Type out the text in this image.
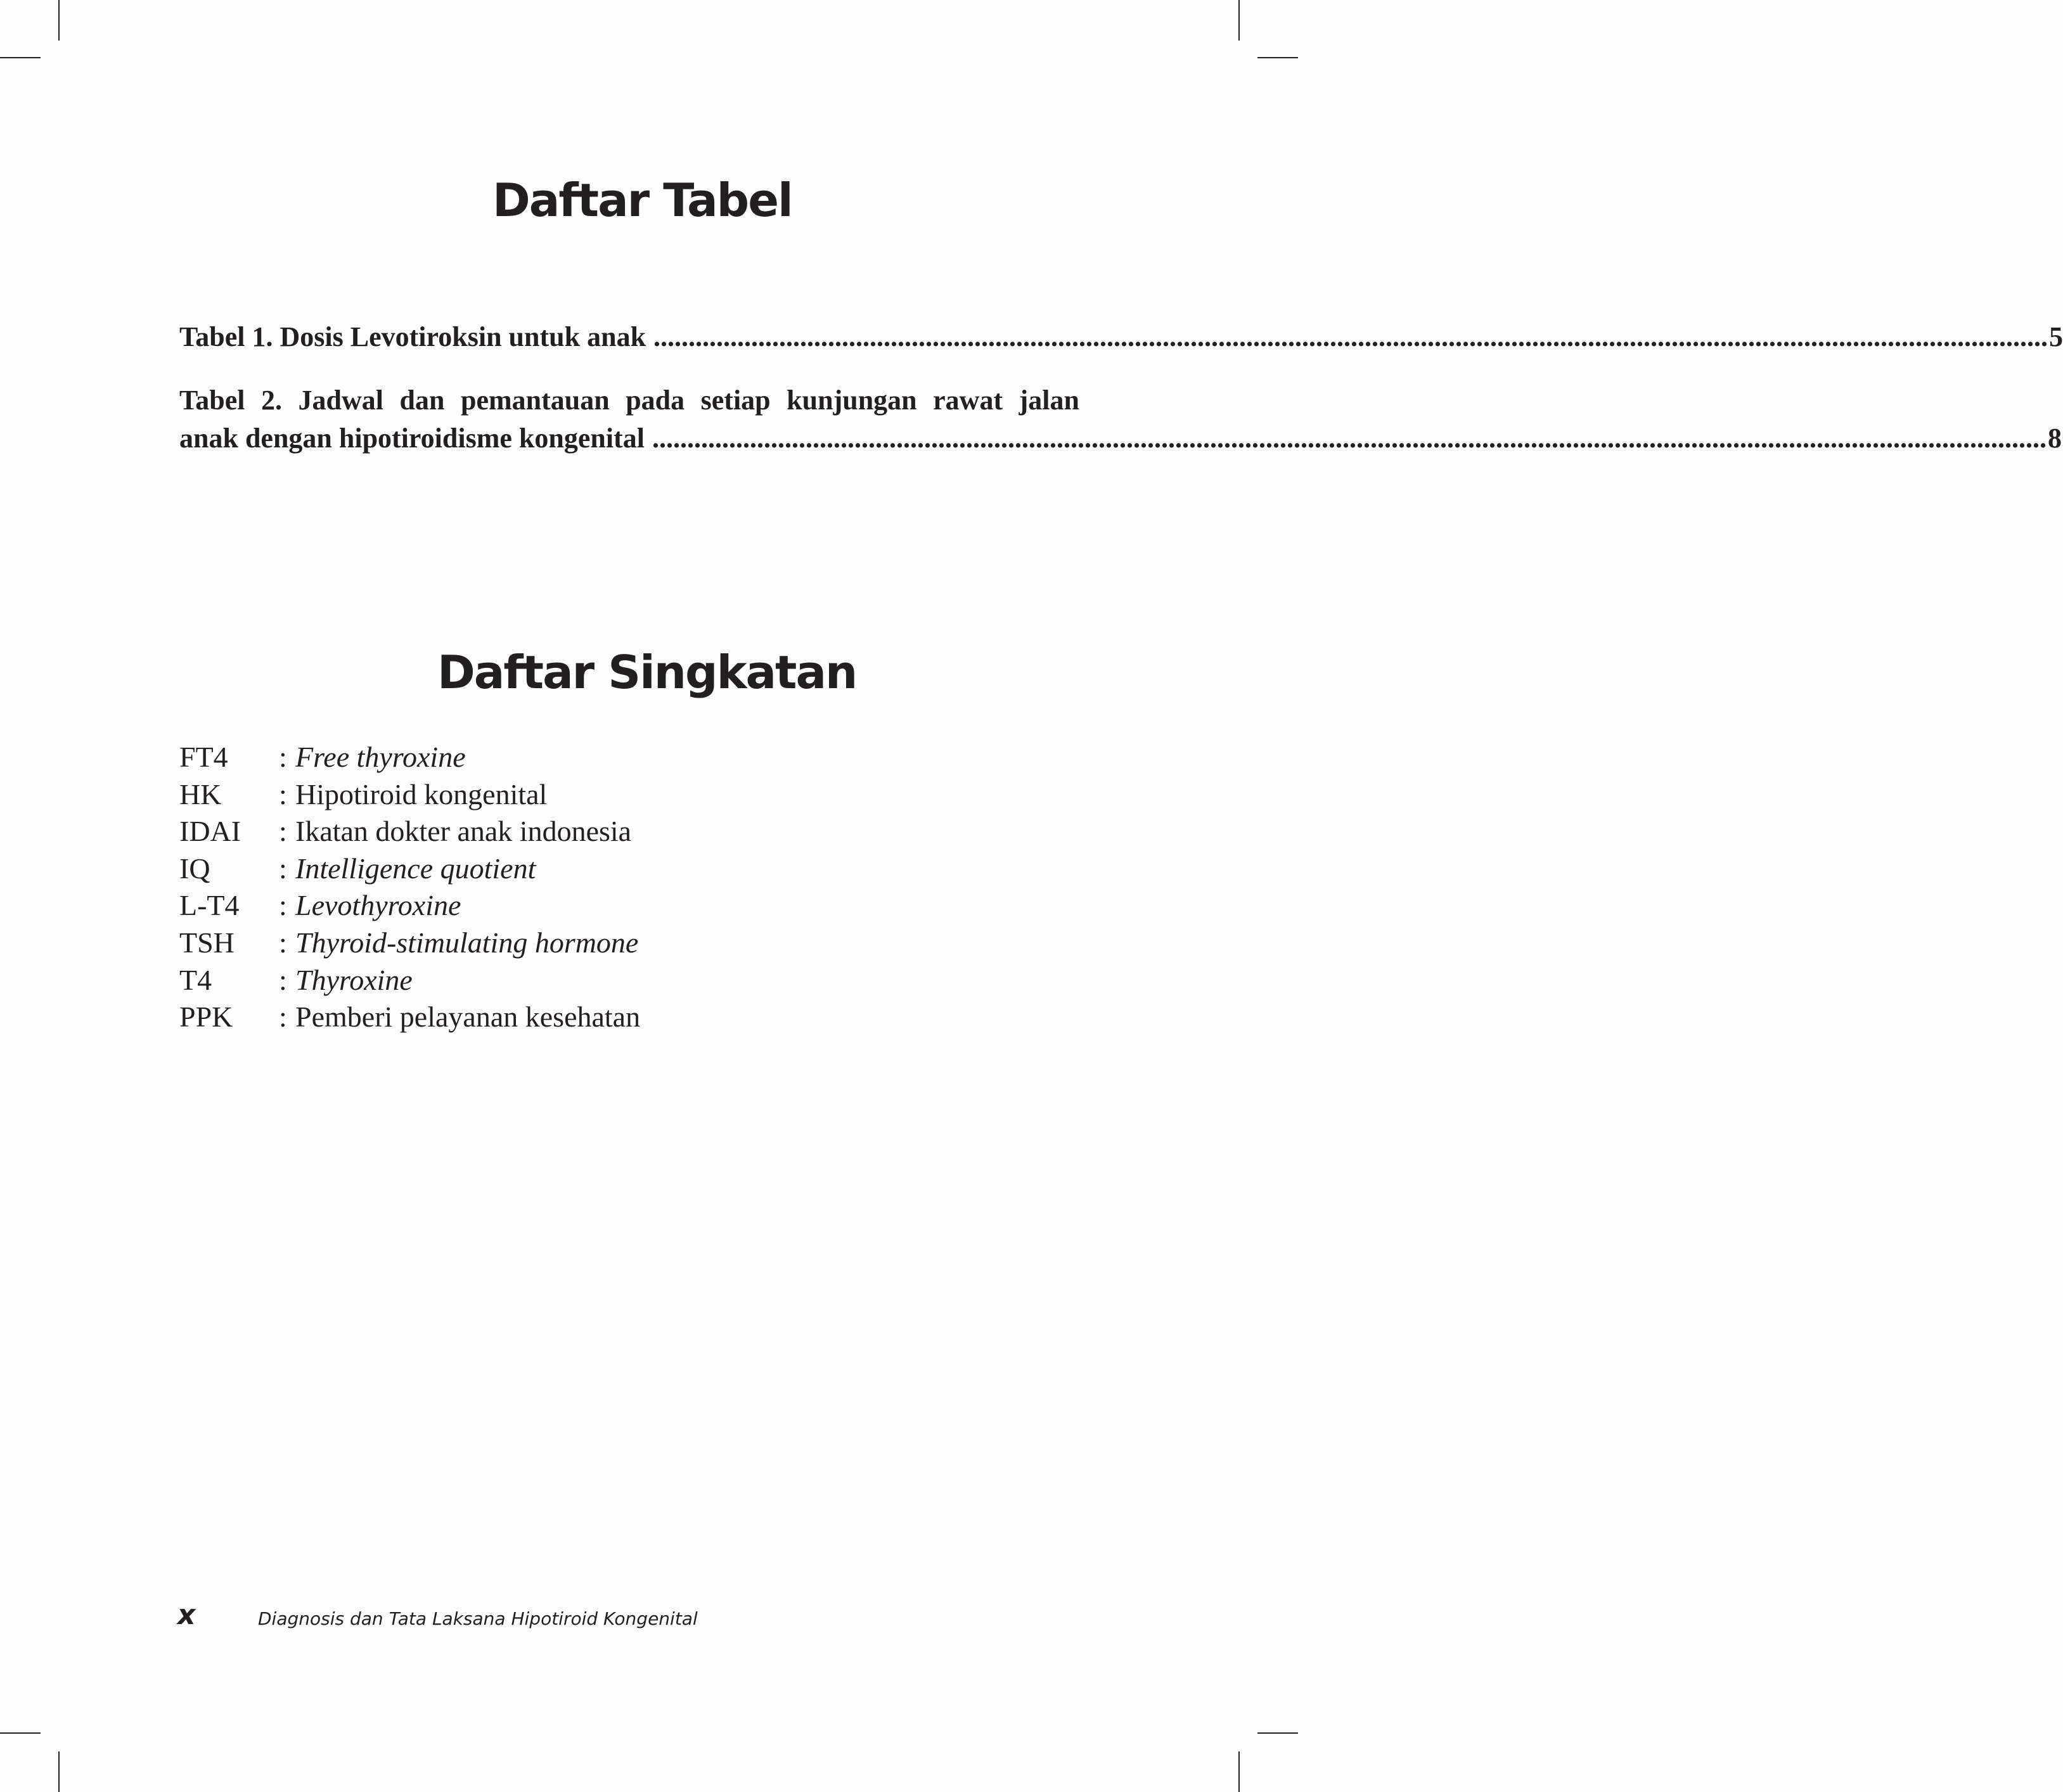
Daftar Tabel
Tabel 1. Dosis Levotiroksin untuk anak ........................................................................................................................................................................................................ 5
Tabel 2. Jadwal dan pemantauan pada setiap kunjungan rawat jalan
anak dengan hipotiroidisme kongenital ........................................................................................................................................................................................................ 8
Daftar Singkatan
FT4	: Free thyroxine
HK	: Hipotiroid kongenital
IDAI	: Ikatan dokter anak indonesia
IQ	: Intelligence quotient
L-T4	: Levothyroxine
TSH	: Thyroid-stimulating hormone
T4	: Thyroxine
PPK	: Pemberi pelayanan kesehatan
x	Diagnosis dan Tata Laksana Hipotiroid Kongenital
